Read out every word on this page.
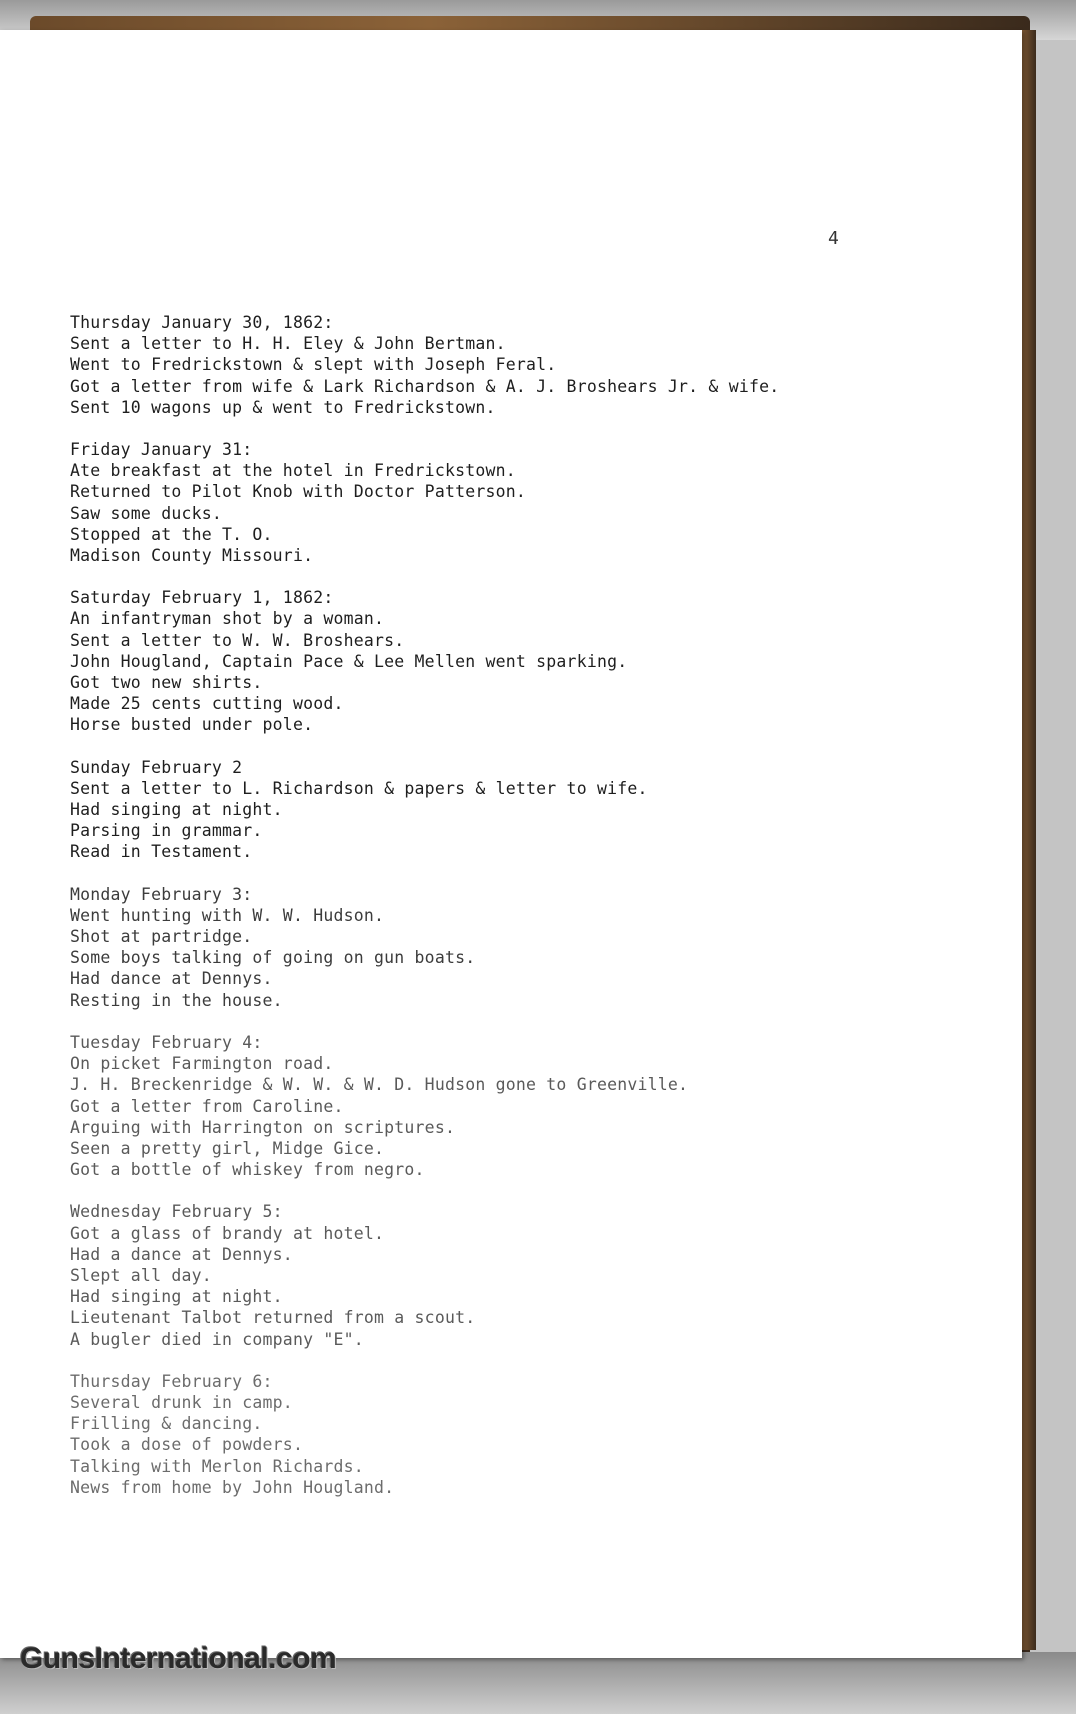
4
Thursday January 30, 1862:
Sent a letter to H. H. Eley & John Bertman.
Went to Fredrickstown & slept with Joseph Feral.
Got a letter from wife & Lark Richardson & A. J. Broshears Jr. & wife.
Sent 10 wagons up & went to Fredrickstown.
Friday January 31:
Ate breakfast at the hotel in Fredrickstown.
Returned to Pilot Knob with Doctor Patterson.
Saw some ducks.
Stopped at the T. O.
Madison County Missouri.
Saturday February 1, 1862:
An infantryman shot by a woman.
Sent a letter to W. W. Broshears.
John Hougland, Captain Pace & Lee Mellen went sparking.
Got two new shirts.
Made 25 cents cutting wood.
Horse busted under pole.
Sunday February 2
Sent a letter to L. Richardson & papers & letter to wife.
Had singing at night.
Parsing in grammar.
Read in Testament.
Monday February 3:
Went hunting with W. W. Hudson.
Shot at partridge.
Some boys talking of going on gun boats.
Had dance at Dennys.
Resting in the house.
Tuesday February 4:
On picket Farmington road.
J. H. Breckenridge & W. W. & W. D. Hudson gone to Greenville.
Got a letter from Caroline.
Arguing with Harrington on scriptures.
Seen a pretty girl, Midge Gice.
Got a bottle of whiskey from negro.
Wednesday February 5:
Got a glass of brandy at hotel.
Had a dance at Dennys.
Slept all day.
Had singing at night.
Lieutenant Talbot returned from a scout.
A bugler died in company "E".
Thursday February 6:
Several drunk in camp.
Frilling & dancing.
Took a dose of powders.
Talking with Merlon Richards.
News from home by John Hougland.
GunsInternational.com
